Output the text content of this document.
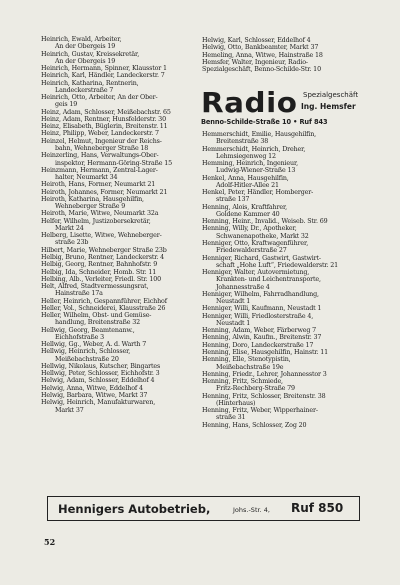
Heinrich, Ewald, Arbeiter,
An der Obergeis 19
Heinrich, Gustav, Kreissekretär,
An der Obergeis 19
Heinrich, Hermann, Spinner, Klausstor 1
Heinrich, Karl, Händler, Landeckerstr. 7
Heinrich, Katharina, Rentnerin,
Landeckerstraße 7
Heinrich, Otto, Arbeiter, An der Ober-
geis 19
Heinz, Adam, Schlosser, Meißebachstr. 65
Heinz, Adam, Rentner, Hunsfelderstr. 30
Heinz, Elisabeth, Büglerin, Breitenstr. 11
Heinz, Philipp, Weber, Landeckerstr. 7
Heinzel, Helmut, Ingenieur der Reichs-
bahn, Wehneberger Straße 18
Heinzerling, Hans, Verwaltungs-Ober-
inspektor, Hermann-Göring-Straße 15
Heinzmann, Hermann, Zentral-Lager-
halter, Neumarkt 34
Heiroth, Hans, Former, Neumarkt 21
Heiroth, Johannes, Former, Neumarkt 21
Heiroth, Katharina, Hausgehilfin,
Wehneberger Straße 9
Heiroth, Marie, Witwe, Neumarkt 32a
Helfer, Wilhelm, Justizobersekretär,
Markt 24
Helberg, Lisette, Witwe, Wehneberger-
straße 23b
Hilbert, Marie, Wehneberger Straße 23b
Helbig, Bruno, Rentner, Landeckerstr. 4
Helbig, Georg, Rentner, Bahnhofstr. 9
Helbig, Ida, Schneider, Homb. Str. 11
Helbing, Alb., Verleiter, Friedl. Str. 100
Helt, Alfred, Stadtvermessungsrat,
Hainstraße 17a
Heller, Heinrich, Gespannführer, Eichhof
Heller, Vol., Schneiderei, Klausstraße 26
Heller, Wilhelm, Obst- und Gemüse-
handlung, Breitenstraße 32
Hellwig, Georg, Beamtenanw.,
Eichhofstraße 3
Hellwig, Gg., Weber, A. d. Warth 7
Hellwig, Heinrich, Schlosser,
Meißebachstraße 20
Hellwig, Nikolaus, Kutscher, Bingartes
Hellwig, Peter, Schlosser, Eichhofstr. 3
Helwig, Adam, Schlosser, Eddelhof 4
Helwig, Anna, Witwe, Eddelhof 4
Helwig, Barbara, Witwe, Markt 37
Helwig, Heinrich, Manufakturwaren,
Markt 37
Helwig, Karl, Schlosser, Eddelhof 4
Helwig, Otto, Bankbeamter, Markt 37
Hemeling, Anna, Witwe, Hainstraße 18
Hemsfer, Walter, Ingenieur, Radio-
Spezialgeschäft, Benno-Schilde-Str. 10
Radio Spezialgeschäft
Ing. Hemsfer
Benno-Schilde-Straße 10 • Ruf 843
Hemmerschidt, Emilie, Hausgehilfin,
Breitenstraße 38
Hemmerschidt, Heinrich, Dreher,
Lehmsiegenweg 12
Hemming, Heinrich, Ingenieur,
Ludwig-Wiener-Straße 13
Henkel, Anna, Hausgehilfin,
Adolf-Hitler-Allee 21
Henkel, Peter, Händler, Homberger-
straße 137
Henning, Alois, Kraftfahrer,
Goldene Kammer 40
Henning, Heinr., Invalid., Weiseb. Str. 69
Henning, Willy, Dr., Apotheker,
Schwanenapotheke, Markt 32
Henniger, Otto, Kraftwagenführer,
Friedewalderstraße 27
Henniger, Richard, Gastwirt, Gastwirt-
schaft „Hohe Luft“, Friedewalderstr. 21
Henniger, Walter, Autovermietung,
Krankten- und Leichentransporte,
Johannesstraße 4
Henniger, Wilhelm, Fahrradhandlung,
Neustadt 1
Henniger, Willi, Kaufmann, Neustadt 1
Henniger, Willi, Friedlosterstraße 4,
Neustadt 1
Henning, Adam, Weber, Färberweg 7
Henning, Alwin, Kaufm., Breitenstr. 37
Henning, Doro, Landeckerstraße 17
Henning, Elise, Hausgehilfin, Hainstr. 11
Henning, Elle, Stenotypistin,
Meißebachstraße 19e
Henning, Friedr., Lehrer, Johannesstor 3
Henning, Fritz, Schmiede,
Fritz-Rechberg-Straße 79
Henning, Fritz, Schlosser, Breitenstr. 38
(Hinterhaus)
Henning, Fritz, Weber, Wipperhainer-
straße 31
Henning, Hans, Schlosser, Zog 20
Hennigers Autobetrieb,	Johs.-Str. 4, Ruf 850
52
